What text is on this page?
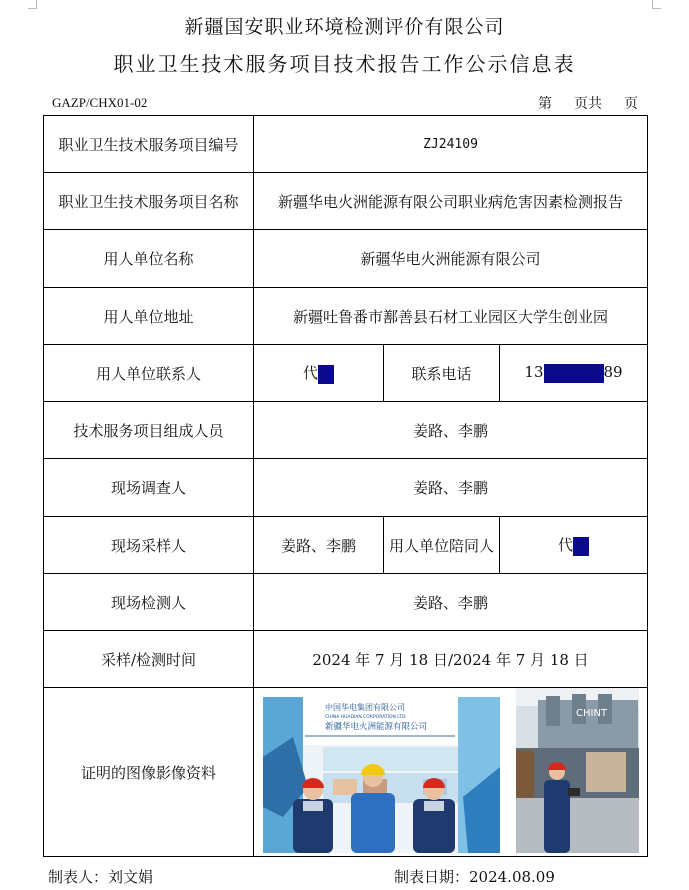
新疆国安职业环境检测评价有限公司
职业卫生技术服务项目技术报告工作公示信息表
GAZP/CHX01-02	第 页共 页
职业卫生技术服务项目编号	ZJ24109		
职业卫生技术服务项目名称	新疆华电火洲能源有限公司职业病危害因素检测报告		
用人单位名称	新疆华电火洲能源有限公司		
用人单位地址	新疆吐鲁番市鄯善县石材工业园区大学生创业园		
用人单位联系人	代	联系电话	13 89
技术服务项目组成人员	姜路、李鹏		
现场调查人	姜路、李鹏		
现场采样人	姜路、李鹏	用人单位陪同人	代
现场检测人	姜路、李鹏		
采样/检测时间	2024 年 7 月 18 日/2024 年 7 月 18 日		
证明的图像影像资料	中国华电集团有限公司
CHINA HUADIAN CORPORATION LTD.
新疆华电火洲能源有限公司
CHINT		
制表人：刘文娟	制表日期：2024.08.09
